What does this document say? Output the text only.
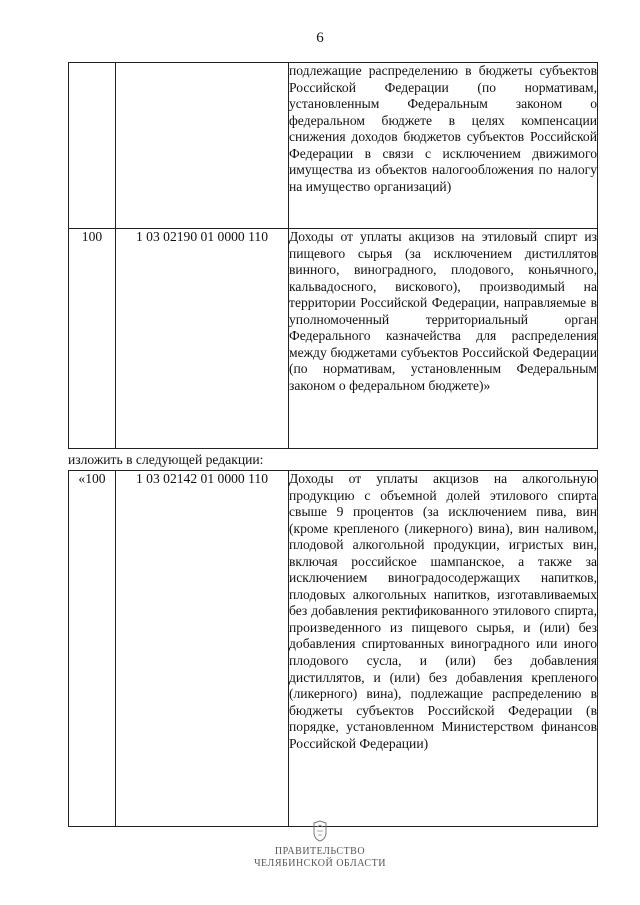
6
		подлежащие распределению в бюджеты субъектов Российской Федерации (по нормативам, установленным Федеральным законом о федеральном бюджете в целях компенсации снижения доходов бюджетов субъектов Российской Федерации в связи с исключением движимого имущества из объектов налогообложения по налогу на имущество организаций)
100	1 03 02190 01 0000 110	Доходы от уплаты акцизов на этиловый спирт из пищевого сырья (за исключением дистиллятов винного, виноградного, плодового, коньячного, кальвадосного, вискового), производимый на территории Российской Федерации, направляемые в уполномоченный территориальный орган Федерального казначейства для распределения между бюджетами субъектов Российской Федерации (по нормативам, установленным Федеральным законом о федеральном бюджете)»
изложить в следующей редакции:
«100	1 03 02142 01 0000 110	Доходы от уплаты акцизов на алкогольную продукцию с объемной долей этилового спирта свыше 9 процентов (за исключением пива, вин (кроме крепленого (ликерного) вина), вин наливом, плодовой алкогольной продукции, игристых вин, включая российское шампанское, а также за исключением виноградосодержащих напитков, плодовых алкогольных напитков, изготавливаемых без добавления ректификованного этилового спирта, произведенного из пищевого сырья, и (или) без добавления спиртованных виноградного или иного плодового сусла, и (или) без добавления дистиллятов, и (или) без добавления крепленого (ликерного) вина), подлежащие распределению в бюджеты субъектов Российской Федерации (в порядке, установленном Министерством финансов Российской Федерации)
ПРАВИТЕЛЬСТВО
ЧЕЛЯБИНСКОЙ ОБЛАСТИ
